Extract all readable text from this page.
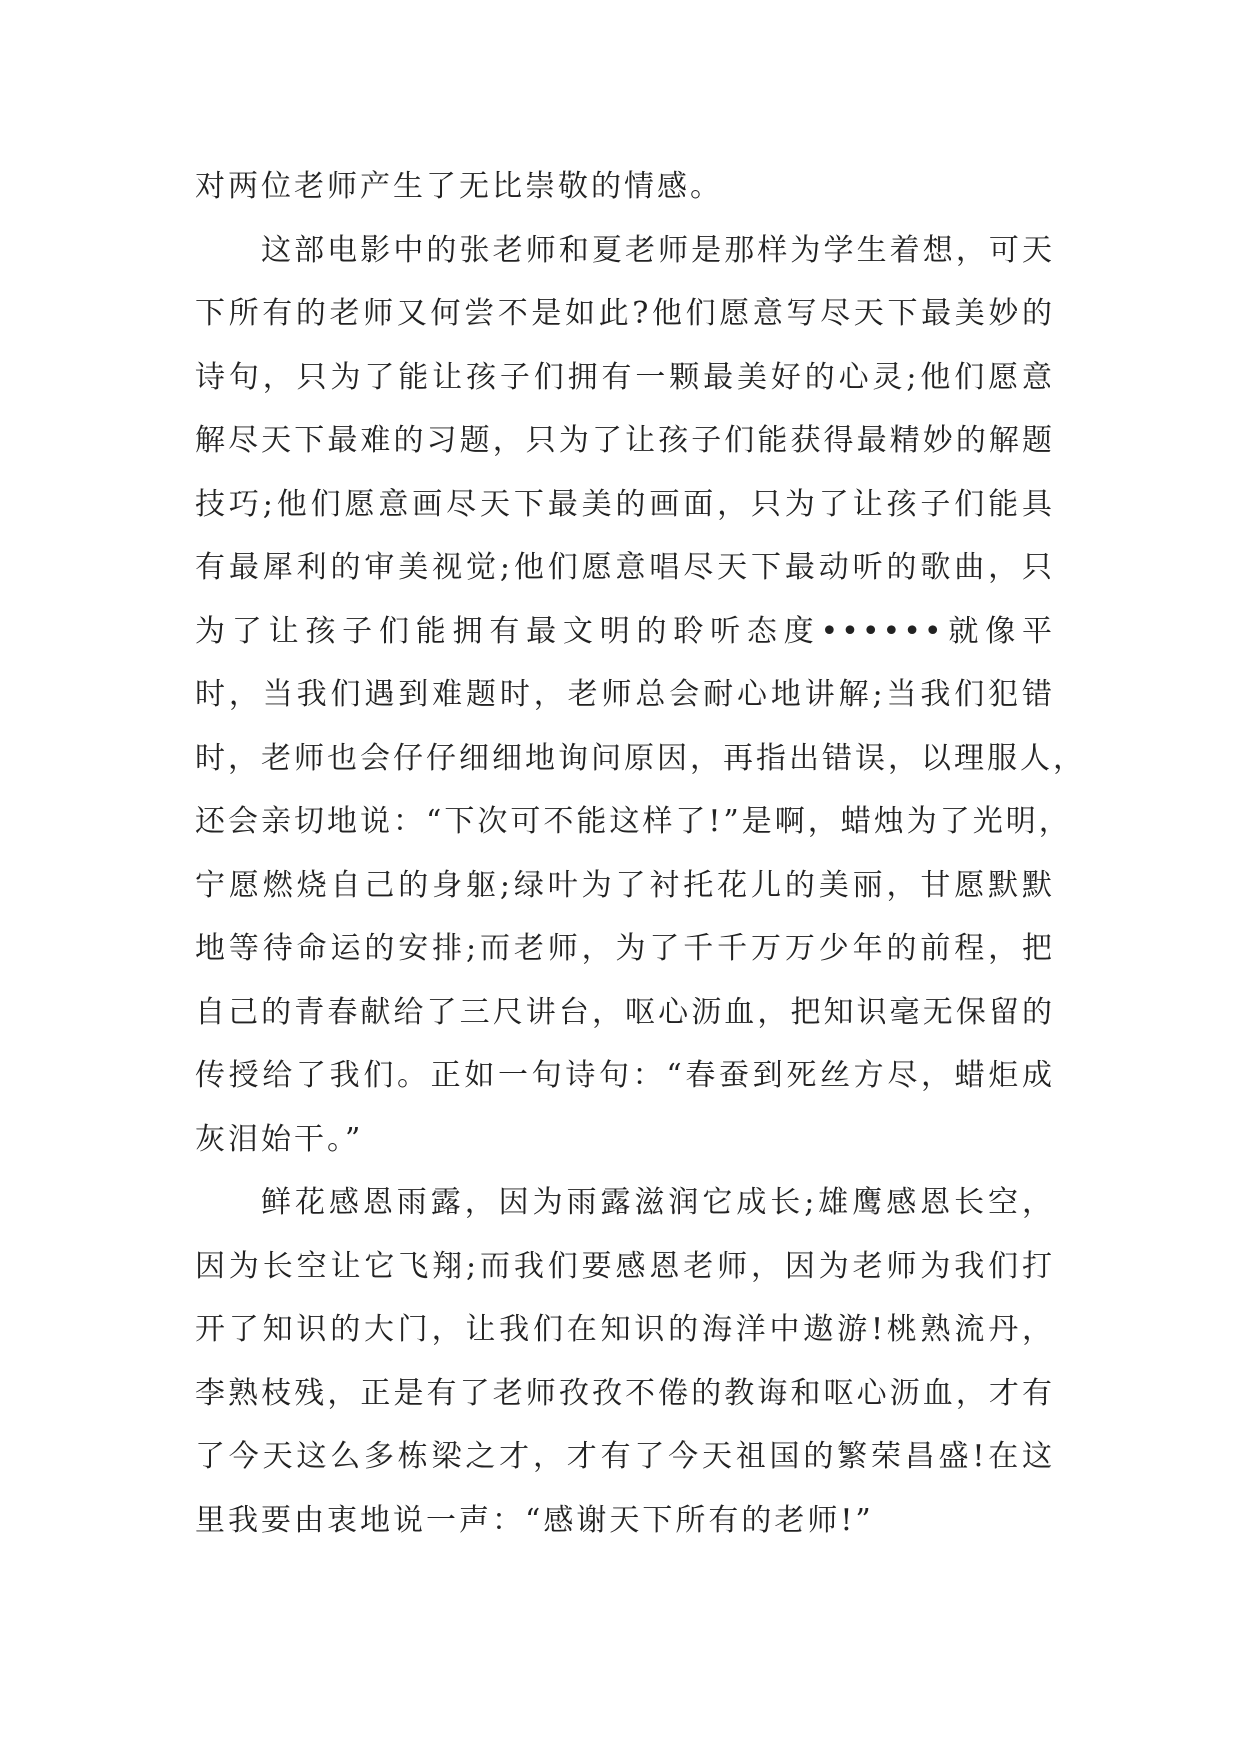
对两位老师产生了无比崇敬的情感。
这部电影中的张老师和夏老师是那样为学生着想，可天
下所有的老师又何尝不是如此?他们愿意写尽天下最美妙的
诗句，只为了能让孩子们拥有一颗最美好的心灵;他们愿意
解尽天下最难的习题，只为了让孩子们能获得最精妙的解题
技巧;他们愿意画尽天下最美的画面，只为了让孩子们能具
有最犀利的审美视觉;他们愿意唱尽天下最动听的歌曲，只
为了让孩子们能拥有最文明的聆听态度••••••就像平
时，当我们遇到难题时，老师总会耐心地讲解;当我们犯错
时，老师也会仔仔细细地询问原因，再指出错误，以理服人，
还会亲切地说：“下次可不能这样了!”是啊，蜡烛为了光明，
宁愿燃烧自己的身躯;绿叶为了衬托花儿的美丽，甘愿默默
地等待命运的安排;而老师，为了千千万万少年的前程，把
自己的青春献给了三尺讲台，呕心沥血，把知识毫无保留的
传授给了我们。正如一句诗句：“春蚕到死丝方尽，蜡炬成
灰泪始干。”
鲜花感恩雨露，因为雨露滋润它成长;雄鹰感恩长空，
因为长空让它飞翔;而我们要感恩老师，因为老师为我们打
开了知识的大门，让我们在知识的海洋中遨游!桃熟流丹，
李熟枝残，正是有了老师孜孜不倦的教诲和呕心沥血，才有
了今天这么多栋梁之才，才有了今天祖国的繁荣昌盛!在这
里我要由衷地说一声：“感谢天下所有的老师!”
